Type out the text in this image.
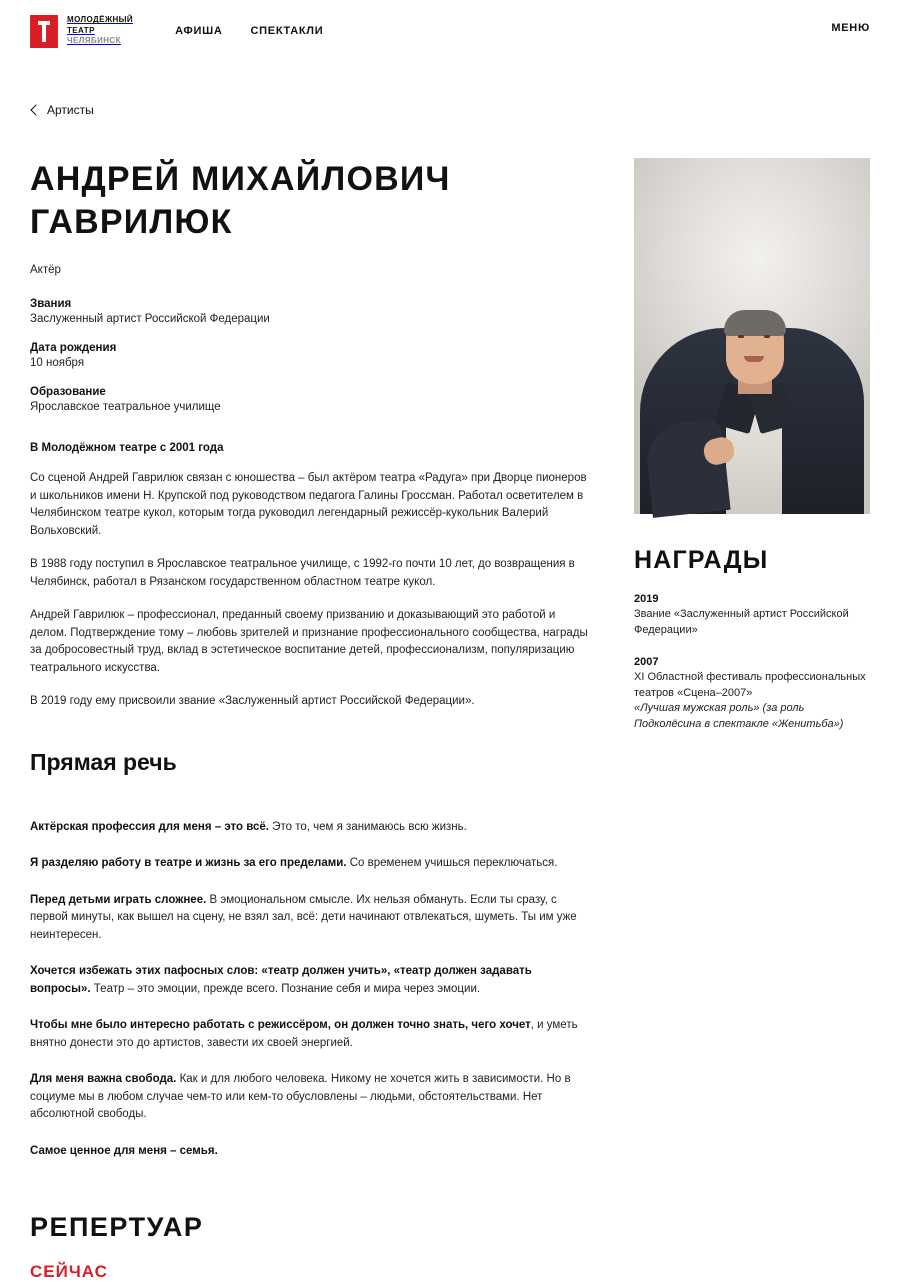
МОЛОДЁЖНЫЙ
ТЕАТР
ЧЕЛЯБИНСК
АФИША	СПЕКТАКЛИ	МЕНЮ
Артисты
АНДРЕЙ МИХАЙЛОВИЧ ГАВРИЛЮК
Актёр
Звания
Заслуженный артист Российской Федерации
Дата рождения
10 ноября
Образование
Ярославское театральное училище
В Молодёжном театре с 2001 года

Со сценой Андрей Гаврилюк связан с юношества – был актёром театра «Радуга» при Дворце пионеров и школьников имени Н. Крупской под руководством педагога Галины Гроссман. Работал осветителем в Челябинском театре кукол, которым тогда руководил легендарный режиссёр-кукольник Валерий Вольховский.

В 1988 году поступил в Ярославское театральное училище, с 1992-го почти 10 лет, до возвращения в Челябинск, работал в Рязанском государственном областном театре кукол.

Андрей Гаврилюк – профессионал, преданный своему призванию и доказывающий это работой и делом. Подтверждение тому – любовь зрителей и признание профессионального сообщества, награды за добросовестный труд, вклад в эстетическое воспитание детей, профессионализм, популяризацию театрального искусства.

В 2019 году ему присвоили звание «Заслуженный артист Российской Федерации».

Прямая речь

Актёрская профессия для меня – это всё. Это то, чем я занимаюсь всю жизнь.

Я разделяю работу в театре и жизнь за его пределами. Со временем учишься переключаться.

Перед детьми играть сложнее. В эмоциональном смысле. Их нельзя обмануть. Если ты сразу, с первой минуты, как вышел на сцену, не взял зал, всё: дети начинают отвлекаться, шуметь. Ты им уже неинтересен.

Хочется избежать этих пафосных слов: «театр должен учить», «театр должен задавать вопросы». Театр – это эмоции, прежде всего. Познание себя и мира через эмоции.

Чтобы мне было интересно работать с режиссёром, он должен точно знать, чего хочет, и уметь внятно донести это до артистов, завести их своей энергией.

Для меня важна свобода. Как и для любого человека. Никому не хочется жить в зависимости. Но в социуме мы в любом случае чем-то или кем-то обусловлены – людьми, обстоятельствами. Нет абсолютной свободы.

Самое ценное для меня – семья.

РЕПЕРТУАР
СЕЙЧАС
НАГРАДЫ
2019
Звание «Заслуженный артист Российской Федерации»
2007
XI Областной фестиваль профессиональных театров «Сцена–2007»
«Лучшая мужская роль» (за роль Подколёсина в спектакле «Женитьба»)
